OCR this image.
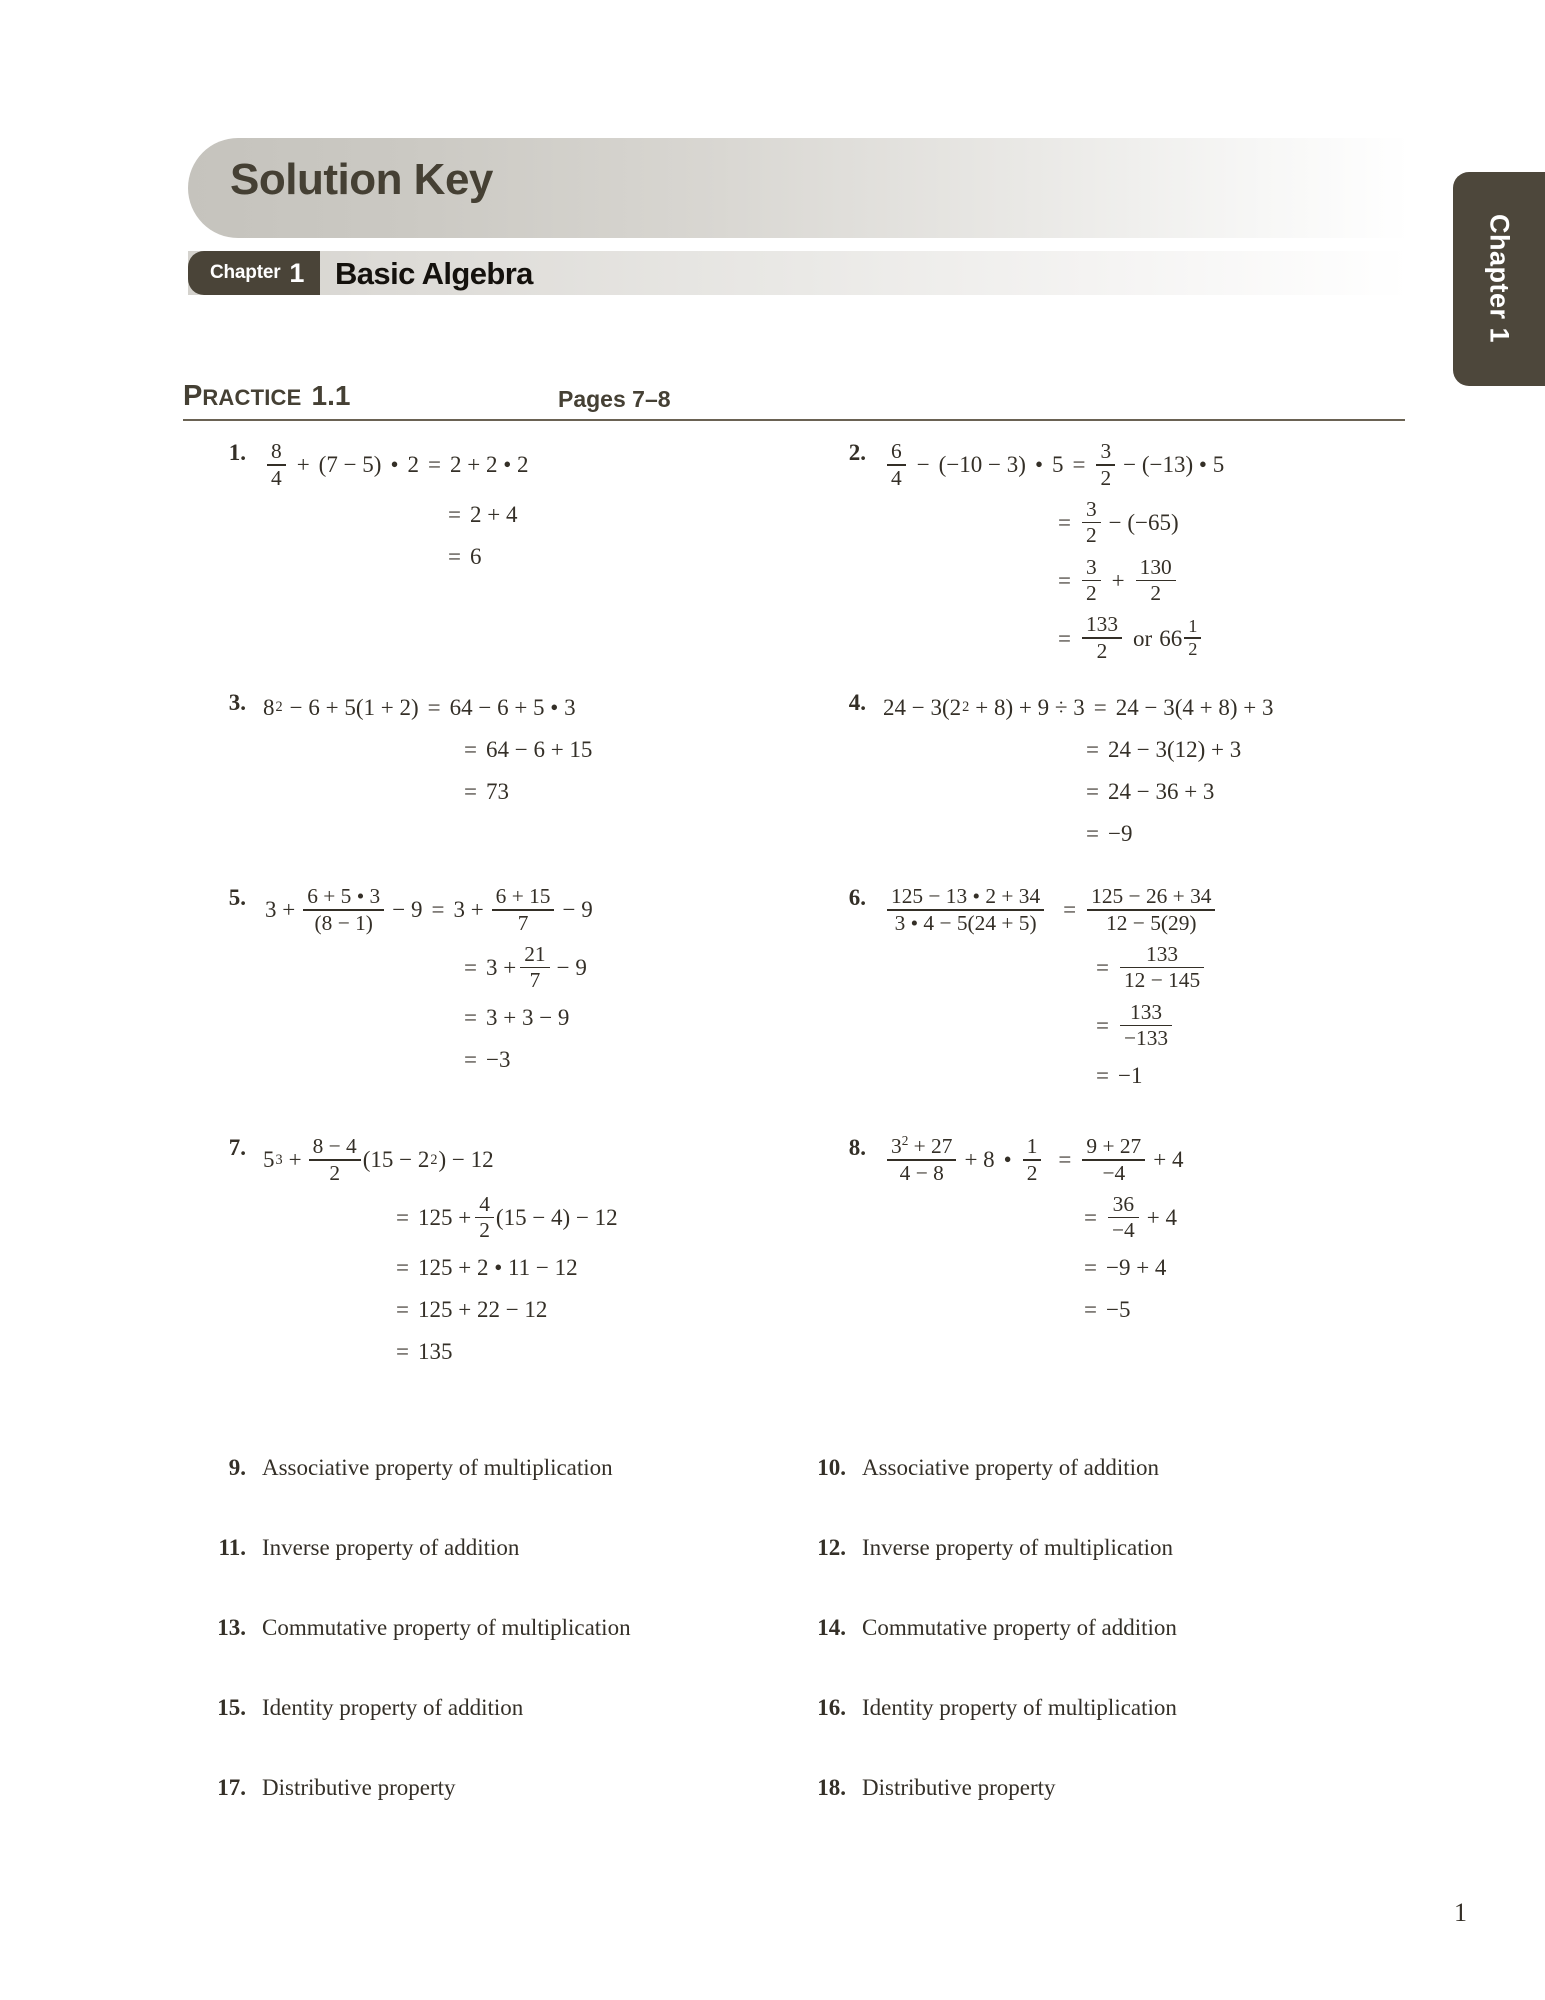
Solution Key
Chapter 1 Basic Algebra	Chapter 1
PRACTICE 1.1	Pages 7–8
1. $\frac{8}{4} + (7 - 5)$ • 2 = 2 + 2 • 2
= 2 + 4
= 6
2. $\frac{6}{4} - (-10 - 3)$ • $5 = \frac{3}{2} - (-13)$ • 5
= $\frac{3}{2} - (-65)$
= $\frac{3}{2} + \frac{130}{2}$
= $\frac{133}{2}$ or $66 \frac{1}{2}$
3. 8 2 − 6 + 5(1 + 2) = 64 − 6 + 5 • 3
= 64 − 6 + 15
= 73
4. 24 − 3(2 2 + 8) + 9 ÷ 3 = 24 − 3(4 + 8) + 3
= 24 − 3(12) + 3
= 24 − 36 + 3
= −9
5. $3 + \frac{6 + 5 • 3}{(8 - 1)} - 9 = 3 + \frac{6 + 15}{7} - 9$
= $3 + \frac{21}{7} - 9$
= 3 + 3 − 9
= −3
6. $\frac{125 - 13 • 2 + 34}{3 • 4 - 5(24 + 5)} = \frac{125 - 26 + 34}{12 - 5(29)}$
= $\frac{133}{12 - 145}$
= $\frac{133}{-133}$
= −1
7. 5 $3 + \frac{8 - 4}{2} (15 - 2$ 2 ) − 12
= $125 + \frac{4}{2} (15 - 4) - 12$
= 125 + 2 • 11 − 12
= 125 + 22 − 12
= 135
8. $\frac{3^2 + 27}{4 - 8} + 8$ • $\frac{1}{2} = \frac{9 + 27}{-4} + 4$
= $\frac{36}{-4} + 4$
= −9 + 4
= −5
9. Associative property of multiplication	10. Associative property of addition
11. Inverse property of addition	12. Inverse property of multiplication
13. Commutative property of multiplication	14. Commutative property of addition
15. Identity property of addition	16. Identity property of multiplication
17. Distributive property	18. Distributive property
1
